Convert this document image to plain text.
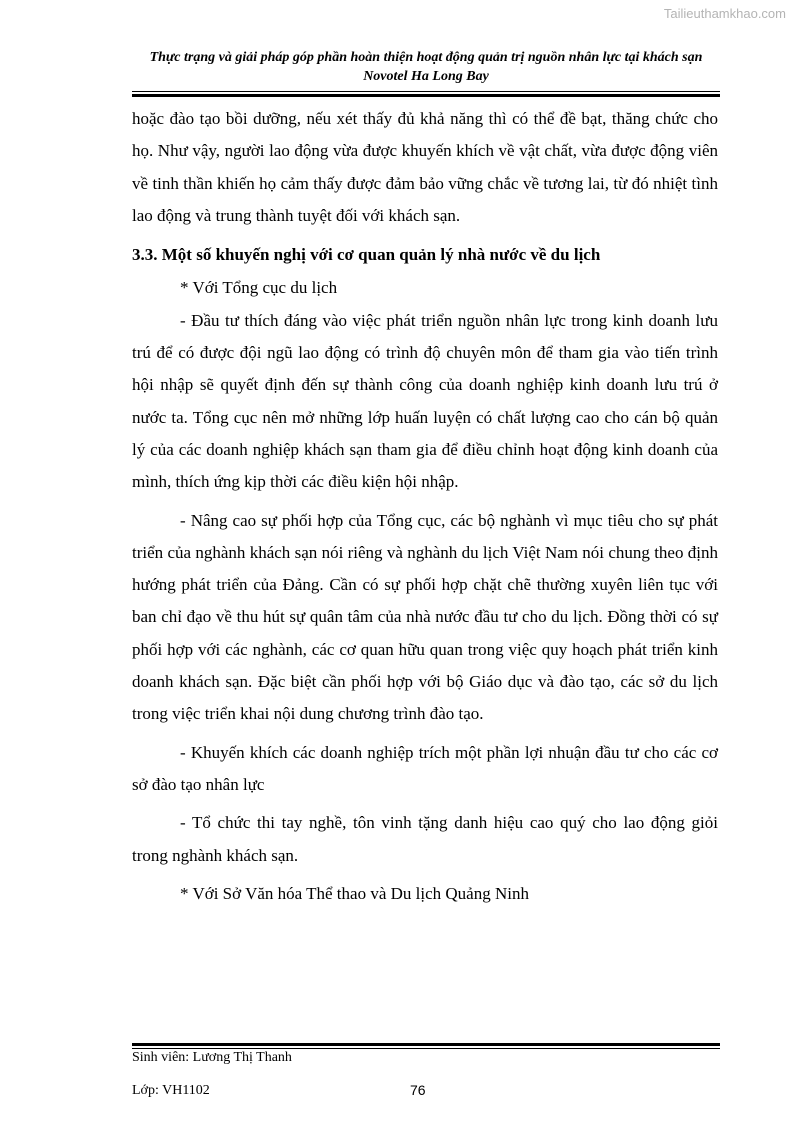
Tailieuthamkhao.com
Thực trạng và giải pháp góp phần hoàn thiện hoạt động quản trị nguồn nhân lực tại khách sạn
Novotel Ha Long Bay

hoặc đào tạo bồi dưỡng, nếu xét thấy đủ khả năng thì có thể đề bạt, thăng chức cho họ. Như vậy, người lao động vừa được khuyến khích về vật chất, vừa được động viên về tinh thần khiến họ cảm thấy được đảm bảo vững chắc về tương lai, từ đó nhiệt tình lao động và trung thành tuyệt đối với khách sạn.

3.3. Một số khuyến nghị với cơ quan quản lý nhà nước về du lịch

* Với Tổng cục du lịch

- Đầu tư thích đáng vào việc phát triển nguồn nhân lực trong kinh doanh lưu trú để có được đội ngũ lao động có trình độ chuyên môn để tham gia vào tiến trình hội nhập sẽ quyết định đến sự thành công của doanh nghiệp kinh doanh lưu trú ở nước ta. Tổng cục nên mở những lớp huấn luyện có chất lượng cao cho cán bộ quản lý của các doanh nghiệp khách sạn tham gia để điều chỉnh hoạt động kinh doanh của mình, thích ứng kịp thời các điều kiện hội nhập.

- Nâng cao sự phối hợp của Tổng cục, các bộ nghành vì mục tiêu cho sự phát triển của nghành khách sạn nói riêng và nghành du lịch Việt Nam nói chung theo định hướng phát triển của Đảng. Cần có sự phối hợp chặt chẽ thường xuyên liên tục với ban chỉ đạo về thu hút sự quân tâm của nhà nước đầu tư cho du lịch. Đồng thời có sự phối hợp với các nghành, các cơ quan hữu quan trong việc quy hoạch phát triển kinh doanh khách sạn. Đặc biệt cần phối hợp với bộ Giáo dục và đào tạo, các sở du lịch trong việc triển khai nội dung chương trình đào tạo.

- Khuyến khích các doanh nghiệp trích một phần lợi nhuận đầu tư cho các cơ sở đào tạo nhân lực

- Tổ chức thi tay nghề, tôn vinh tặng danh hiệu cao quý cho lao động giỏi trong nghành khách sạn.

* Với Sở Văn hóa Thể thao và Du lịch Quảng Ninh

Sinh viên: Lương Thị Thanh
Lớp: VH1102	76
